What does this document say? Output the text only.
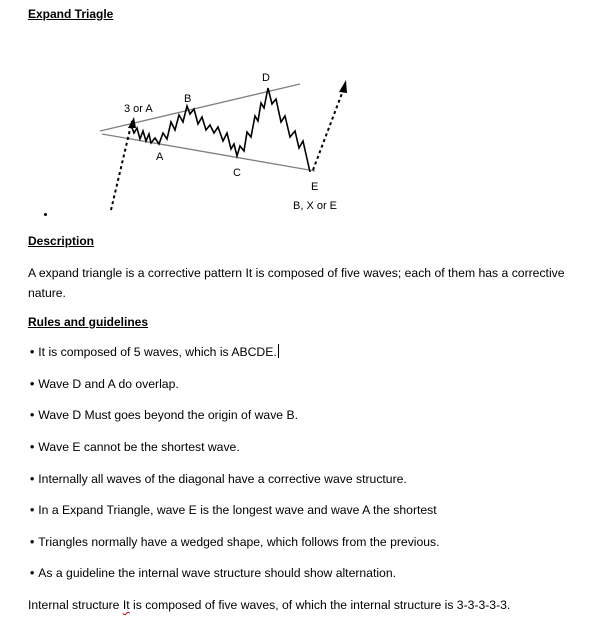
Expand Triagle
3 or A
A
B
C
D
E
B, X or E
Description
A expand triangle is a corrective pattern It is composed of five waves; each of them has a corrective
nature.
Rules and guidelines
• It is composed of 5 waves, which is ABCDE.
• Wave D and A do overlap.
• Wave D Must goes beyond the origin of wave B.
• Wave E cannot be the shortest wave.
• Internally all waves of the diagonal have a corrective wave structure.
• In a Expand Triangle, wave E is the longest wave and wave A the shortest
• Triangles normally have a wedged shape, which follows from the previous.
• As a guideline the internal wave structure should show alternation.
Internal structure It is composed of five waves, of which the internal structure is 3-3-3-3-3.
